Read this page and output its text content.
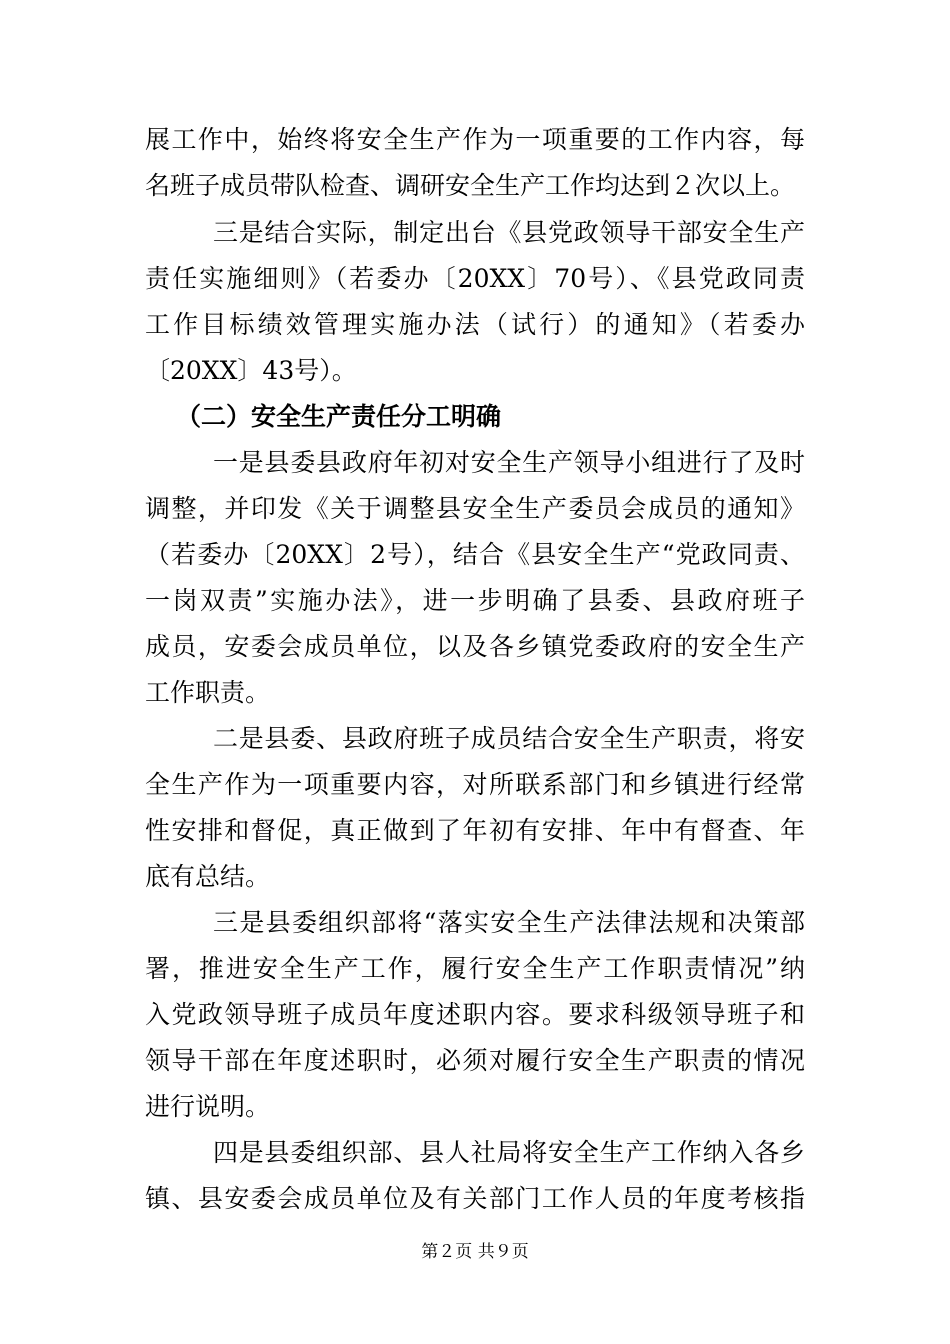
展工作中，始终将安全生产作为一项重要的工作内容，每
名班子成员带队检查、调研安全生产工作均达到２次以上。
三是结合实际，制定出台《县党政领导干部安全生产
责任实施细则》（若委办〔20XX〕70号）、《县党政同责
工作目标绩效管理实施办法（试行）的通知》（若委办
〔20XX〕43号）。
（二）安全生产责任分工明确
一是县委县政府年初对安全生产领导小组进行了及时
调整，并印发《关于调整县安全生产委员会成员的通知》
（若委办〔20XX〕2号），结合《县安全生产“党政同责、
一岗双责”实施办法》，进一步明确了县委、县政府班子
成员，安委会成员单位，以及各乡镇党委政府的安全生产
工作职责。
二是县委、县政府班子成员结合安全生产职责，将安
全生产作为一项重要内容，对所联系部门和乡镇进行经常
性安排和督促，真正做到了年初有安排、年中有督查、年
底有总结。
三是县委组织部将“落实安全生产法律法规和决策部
署，推进安全生产工作，履行安全生产工作职责情况”纳
入党政领导班子成员年度述职内容。要求科级领导班子和
领导干部在年度述职时，必须对履行安全生产职责的情况
进行说明。
四是县委组织部、县人社局将安全生产工作纳入各乡
镇、县安委会成员单位及有关部门工作人员的年度考核指
第２页 共９页
